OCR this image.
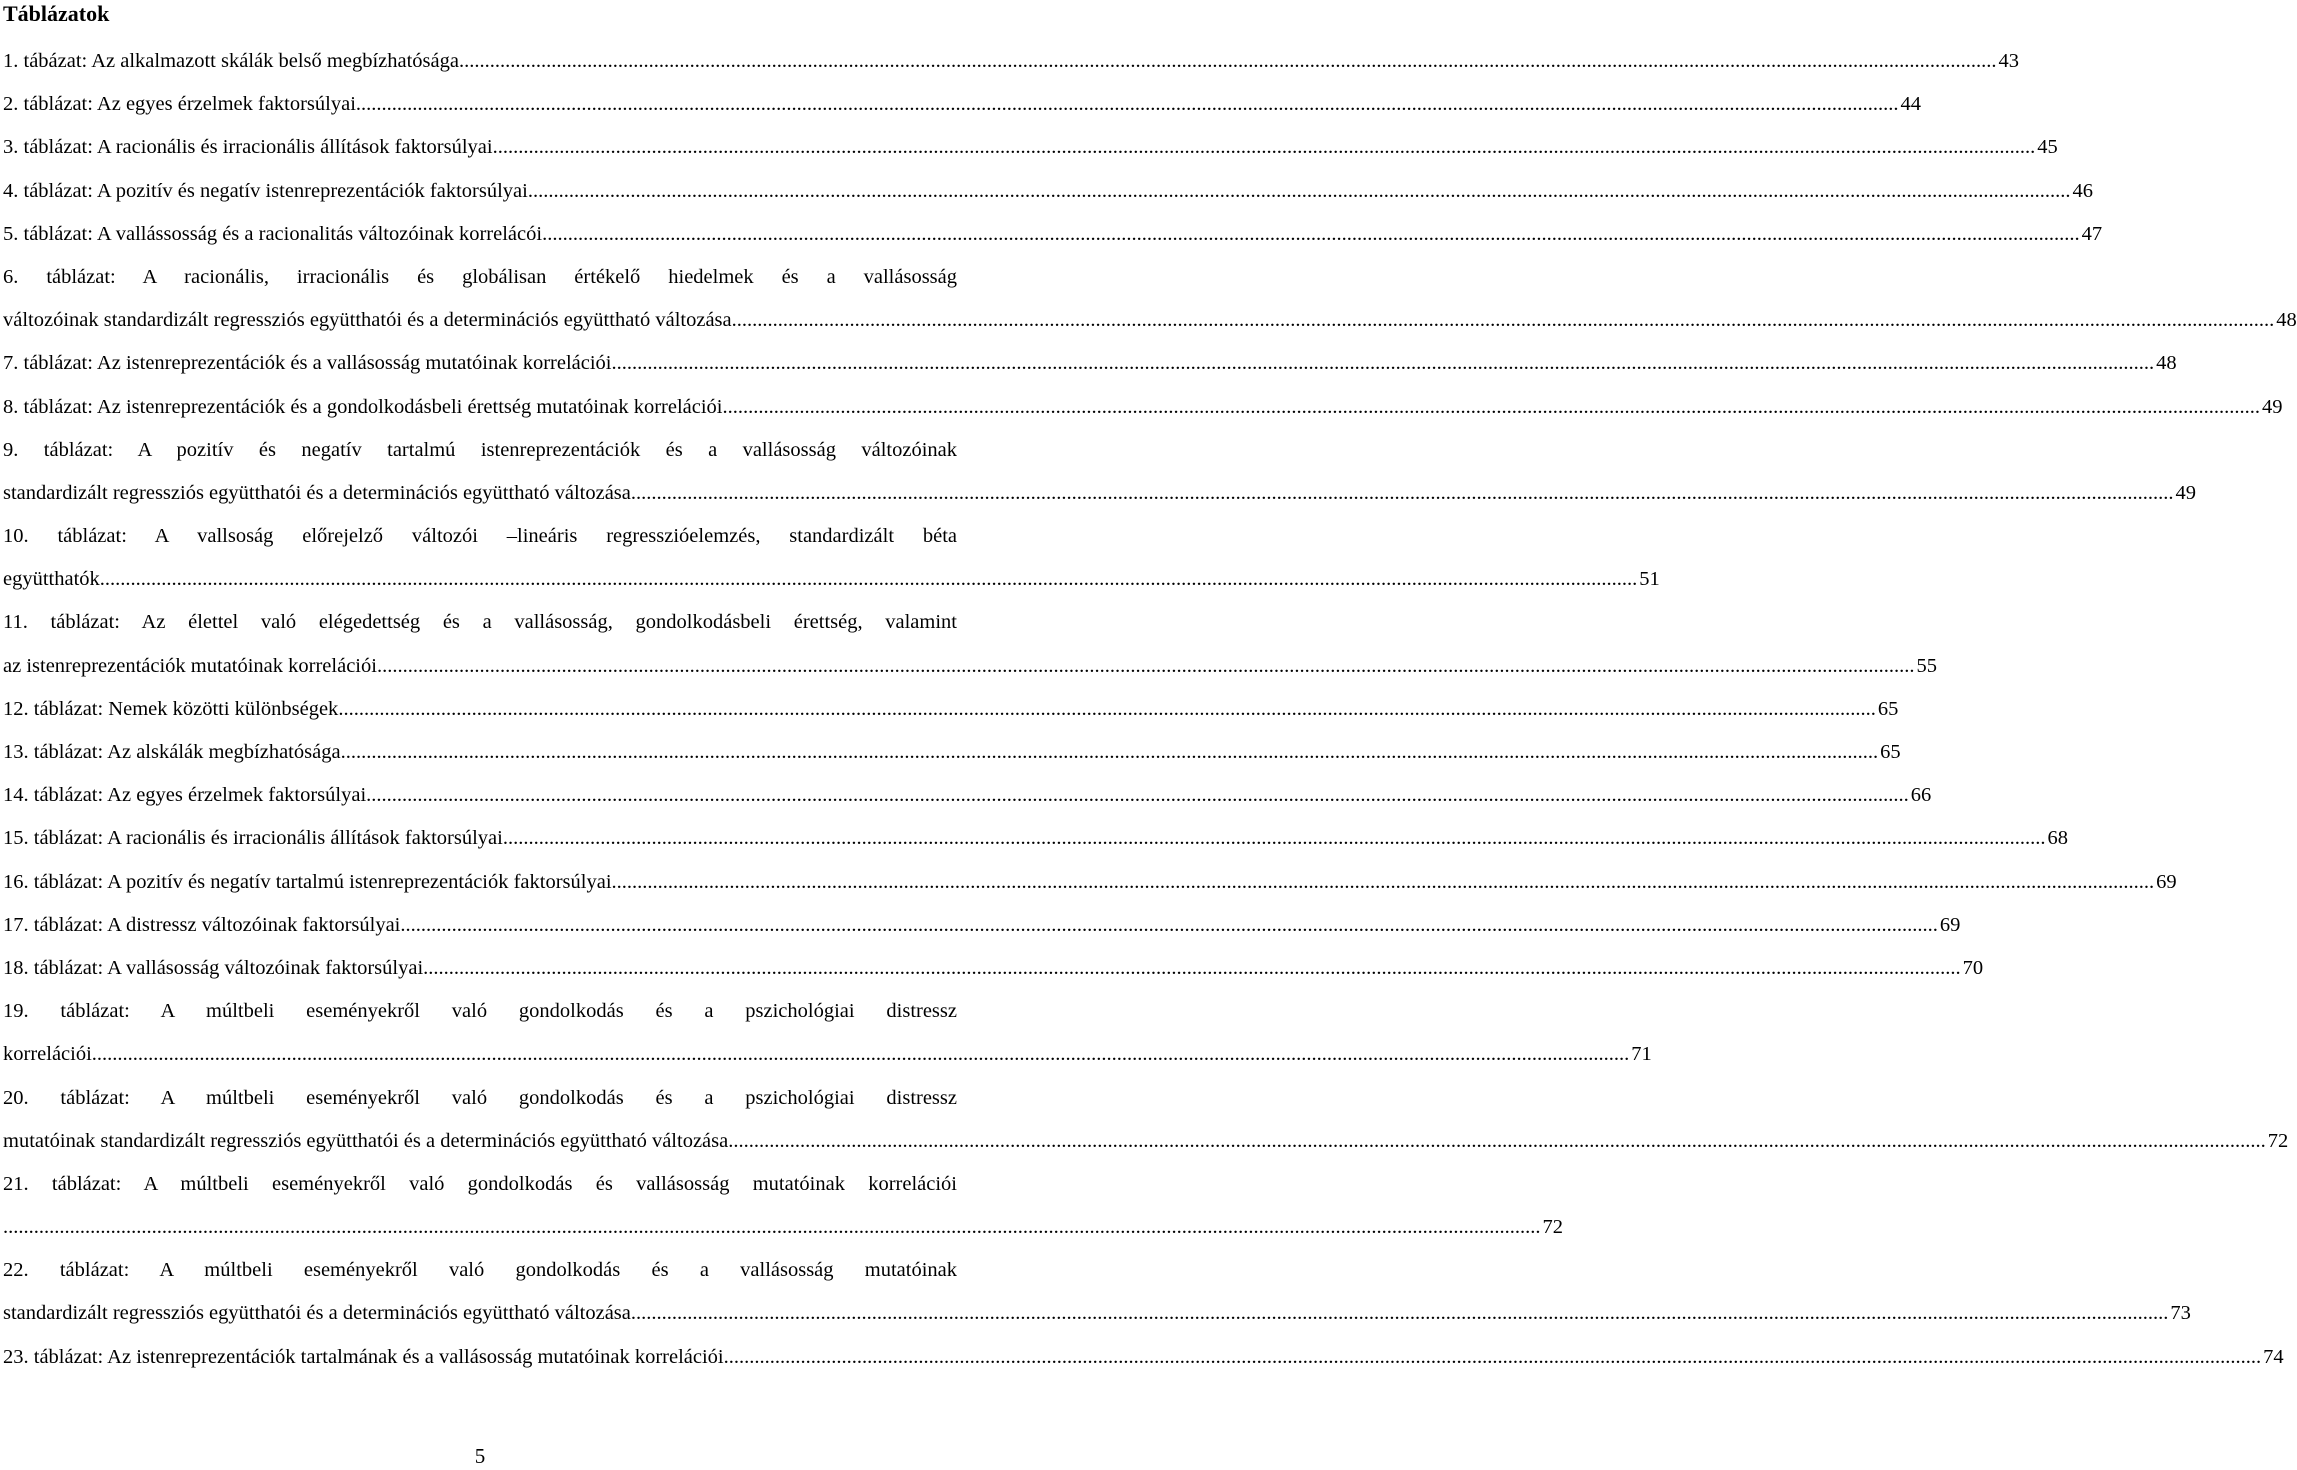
Táblázatok
1. tábázat: Az alkalmazott skálák belső megbízhatósága ............................................................................................................................................................................................................................................................................................................ 43
2. táblázat: Az egyes érzelmek faktorsúlyai. ............................................................................................................................................................................................................................................................................................................ 44
3. táblázat: A racionális és irracionális állítások faktorsúlyai. ............................................................................................................................................................................................................................................................................................................ 45
4. táblázat: A pozitív és negatív istenreprezentációk faktorsúlyai. ............................................................................................................................................................................................................................................................................................................ 46
5. táblázat: A vallássosság és a racionalitás változóinak korrelácói ............................................................................................................................................................................................................................................................................................................ 47
6. táblázat: A racionális, irracionális és globálisan értékelő hiedelmek és a vallásosság
változóinak standardizált regressziós együtthatói és a determinációs együttható változása. ............................................................................................................................................................................................................................................................................................................ 48
7. táblázat: Az istenreprezentációk és a vallásosság mutatóinak korrelációi. ............................................................................................................................................................................................................................................................................................................ 48
8. táblázat: Az istenreprezentációk és a gondolkodásbeli érettség mutatóinak korrelációi ............................................................................................................................................................................................................................................................................................................ 49
9. táblázat: A pozitív és negatív tartalmú istenreprezentációk és a vallásosság változóinak
standardizált regressziós együtthatói és a determinációs együttható változása. ............................................................................................................................................................................................................................................................................................................ 49
10. táblázat: A vallsoság előrejelző változói –lineáris regresszióelemzés, standardizált béta
együtthatók ............................................................................................................................................................................................................................................................................................................ 51
11. táblázat: Az élettel való elégedettség és a vallásosság, gondolkodásbeli érettség, valamint
az istenreprezentációk mutatóinak korrelációi ............................................................................................................................................................................................................................................................................................................ 55
12. táblázat: Nemek közötti különbségek ............................................................................................................................................................................................................................................................................................................ 65
13. táblázat: Az alskálák megbízhatósága ............................................................................................................................................................................................................................................................................................................ 65
14. táblázat: Az egyes érzelmek faktorsúlyai. ............................................................................................................................................................................................................................................................................................................ 66
15. táblázat: A racionális és irracionális állítások faktorsúlyai. ............................................................................................................................................................................................................................................................................................................ 68
16. táblázat: A pozitív és negatív tartalmú istenreprezentációk faktorsúlyai. ............................................................................................................................................................................................................................................................................................................ 69
17. táblázat: A distressz változóinak faktorsúlyai ............................................................................................................................................................................................................................................................................................................ 69
18. táblázat: A vallásosság változóinak faktorsúlyai ............................................................................................................................................................................................................................................................................................................ 70
19. táblázat: A múltbeli eseményekről való gondolkodás és a pszichológiai distressz
korrelációi ............................................................................................................................................................................................................................................................................................................ 71
20. táblázat: A múltbeli eseményekről való gondolkodás és a pszichológiai distressz
mutatóinak standardizált regressziós együtthatói és a determinációs együttható változása ............................................................................................................................................................................................................................................................................................................ 72
21. táblázat: A múltbeli eseményekről való gondolkodás és vallásosság mutatóinak korrelációi
............................................................................................................................................................................................................................................................................................................ 72
22. táblázat: A múltbeli eseményekről való gondolkodás és a vallásosság mutatóinak
standardizált regressziós együtthatói és a determinációs együttható változása ............................................................................................................................................................................................................................................................................................................ 73
23. táblázat: Az istenreprezentációk tartalmának és a vallásosság mutatóinak korrelációi ............................................................................................................................................................................................................................................................................................................ 74
5
